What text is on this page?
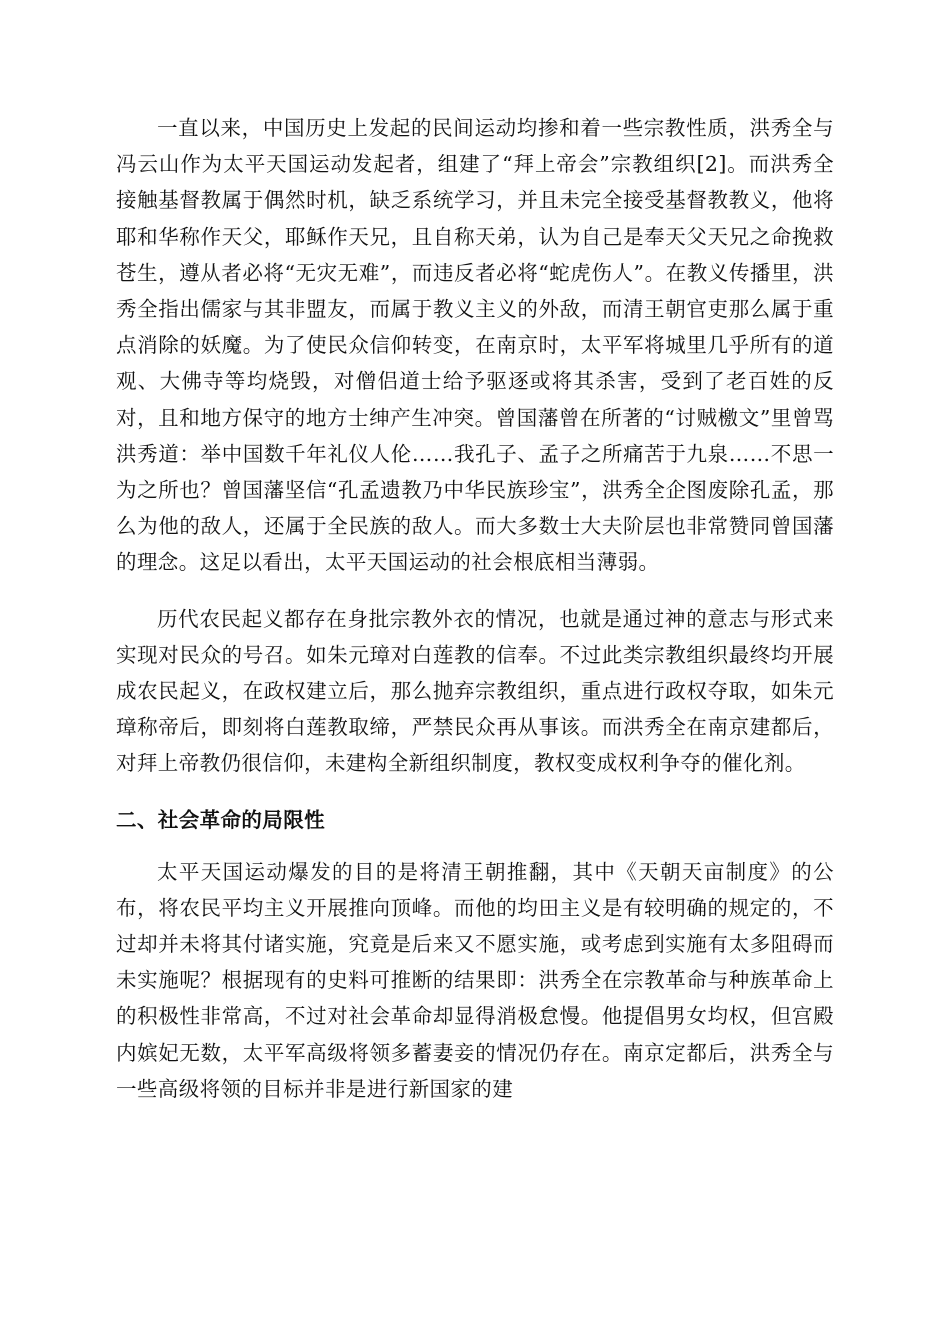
一直以来，中国历史上发起的民间运动均掺和着一些宗教性质，洪秀全与冯云山作为太平天国运动发起者，组建了“拜上帝会”宗教组织[2]。而洪秀全接触基督教属于偶然时机，缺乏系统学习，并且未完全接受基督教教义，他将耶和华称作天父，耶稣作天兄，且自称天弟，认为自己是奉天父天兄之命挽救苍生，遵从者必将“无灾无难”，而违反者必将“蛇虎伤人”。在教义传播里，洪秀全指出儒家与其非盟友，而属于教义主义的外敌，而清王朝官吏那么属于重点消除的妖魔。为了使民众信仰转变，在南京时，太平军将城里几乎所有的道观、大佛寺等均烧毁，对僧侣道士给予驱逐或将其杀害，受到了老百姓的反对，且和地方保守的地方士绅产生冲突。曾国藩曾在所著的“讨贼檄文”里曾骂洪秀道：举中国数千年礼仪人伦……我孔子、孟子之所痛苦于九泉……不思一为之所也？曾国藩坚信“孔孟遗教乃中华民族珍宝”，洪秀全企图废除孔孟，那么为他的敌人，还属于全民族的敌人。而大多数士大夫阶层也非常赞同曾国藩的理念。这足以看出，太平天国运动的社会根底相当薄弱。

历代农民起义都存在身批宗教外衣的情况，也就是通过神的意志与形式来实现对民众的号召。如朱元璋对白莲教的信奉。不过此类宗教组织最终均开展成农民起义，在政权建立后，那么抛弃宗教组织，重点进行政权夺取，如朱元璋称帝后，即刻将白莲教取缔，严禁民众再从事该。而洪秀全在南京建都后，对拜上帝教仍很信仰，未建构全新组织制度，教权变成权利争夺的催化剂。

二、社会革命的局限性

太平天国运动爆发的目的是将清王朝推翻，其中《天朝天亩制度》的公布，将农民平均主义开展推向顶峰。而他的均田主义是有较明确的规定的，不过却并未将其付诸实施，究竟是后来又不愿实施，或考虑到实施有太多阻碍而未实施呢？根据现有的史料可推断的结果即：洪秀全在宗教革命与种族革命上的积极性非常高，不过对社会革命却显得消极怠慢。他提倡男女均权，但宫殿内嫔妃无数，太平军高级将领多蓄妻妾的情况仍存在。南京定都后，洪秀全与一些高级将领的目标并非是进行新国家的建
